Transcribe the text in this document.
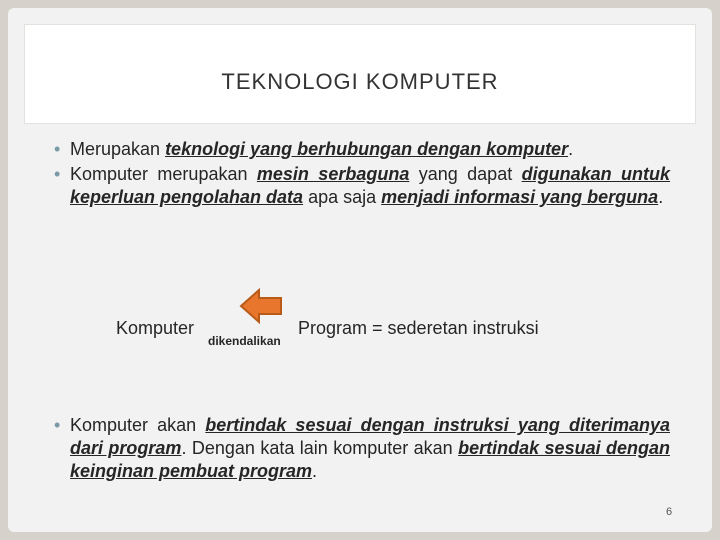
TEKNOLOGI KOMPUTER
• Merupakan teknologi yang berhubungan dengan komputer.
• Komputer merupakan mesin serbaguna yang dapat digunakan untuk keperluan pengolahan data apa saja menjadi informasi yang berguna.
Komputer
dikendalikan
Program = sederetan instruksi
• Komputer akan bertindak sesuai dengan instruksi yang diterimanya dari program. Dengan kata lain komputer akan bertindak sesuai dengan keinginan pembuat program.
6
